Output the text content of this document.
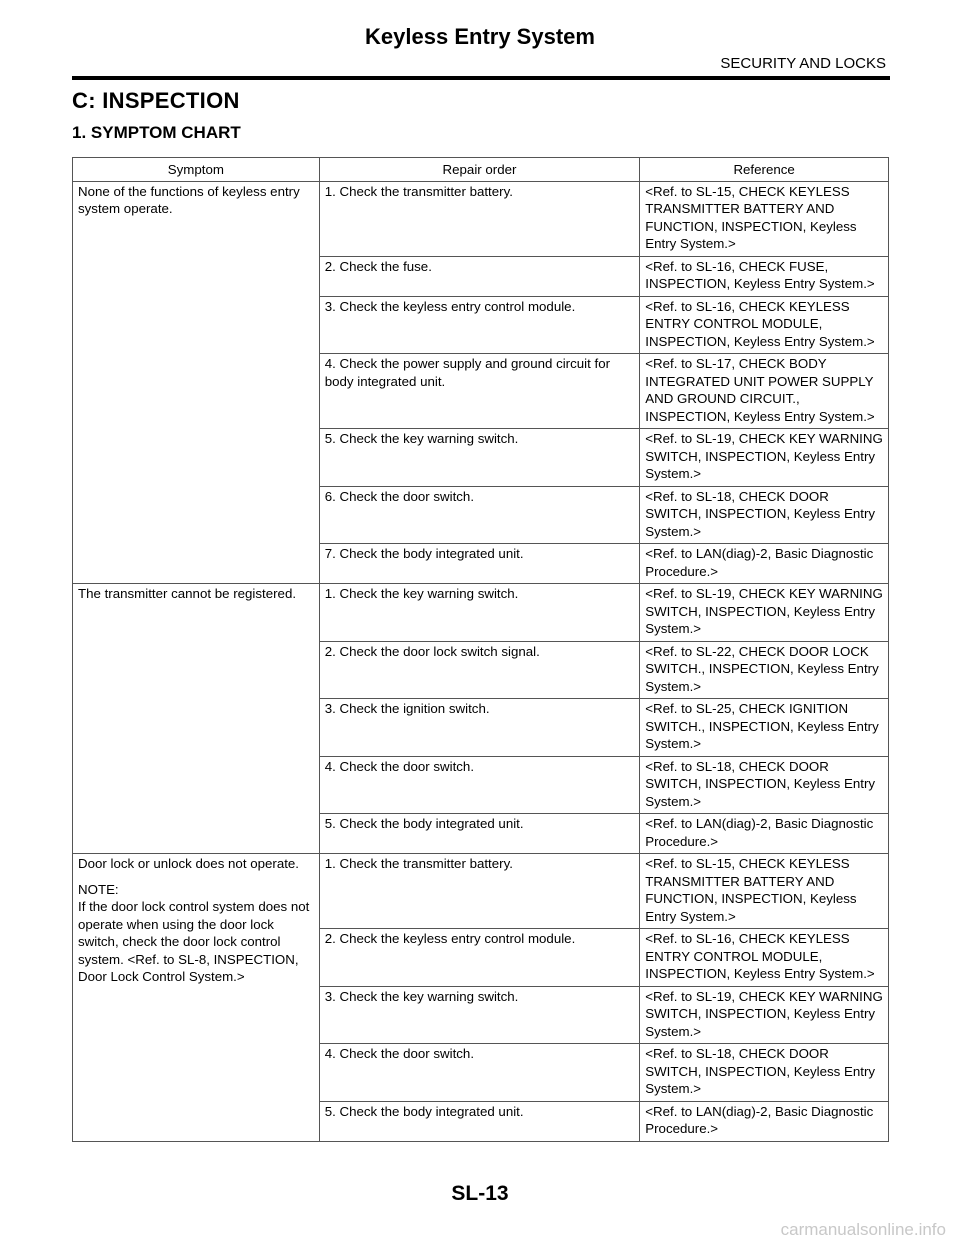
Keyless Entry System
SECURITY AND LOCKS
C: INSPECTION
1. SYMPTOM CHART
Symptom	Repair order	Reference

None of the functions of keyless entry system operate.	1. Check the transmitter battery.	<Ref. to SL-15, CHECK KEYLESS TRANSMITTER BATTERY AND FUNCTION, INSPECTION, Keyless Entry System.>
	2. Check the fuse.	<Ref. to SL-16, CHECK FUSE, INSPECTION, Keyless Entry System.>
	3. Check the keyless entry control module.	<Ref. to SL-16, CHECK KEYLESS ENTRY CONTROL MODULE, INSPECTION, Keyless Entry System.>
	4. Check the power supply and ground circuit for body integrated unit.	<Ref. to SL-17, CHECK BODY INTEGRATED UNIT POWER SUPPLY AND GROUND CIRCUIT., INSPECTION, Keyless Entry System.>
	5. Check the key warning switch.	<Ref. to SL-19, CHECK KEY WARNING SWITCH, INSPECTION, Keyless Entry System.>
	6. Check the door switch.	<Ref. to SL-18, CHECK DOOR SWITCH, INSPECTION, Keyless Entry System.>
	7. Check the body integrated unit.	<Ref. to LAN(diag)-2, Basic Diagnostic Procedure.>

The transmitter cannot be registered.	1. Check the key warning switch.	<Ref. to SL-19, CHECK KEY WARNING SWITCH, INSPECTION, Keyless Entry System.>
	2. Check the door lock switch signal.	<Ref. to SL-22, CHECK DOOR LOCK SWITCH., INSPECTION, Keyless Entry System.>
	3. Check the ignition switch.	<Ref. to SL-25, CHECK IGNITION SWITCH., INSPECTION, Keyless Entry System.>
	4. Check the door switch.	<Ref. to SL-18, CHECK DOOR SWITCH, INSPECTION, Keyless Entry System.>
	5. Check the body integrated unit.	<Ref. to LAN(diag)-2, Basic Diagnostic Procedure.>

Door lock or unlock does not operate.
NOTE:
If the door lock control system does not operate when using the door lock switch, check the door lock control system. <Ref. to SL-8, INSPECTION, Door Lock Control System.>	1. Check the transmitter battery.	<Ref. to SL-15, CHECK KEYLESS TRANSMITTER BATTERY AND FUNCTION, INSPECTION, Keyless Entry System.>
	2. Check the keyless entry control module.	<Ref. to SL-16, CHECK KEYLESS ENTRY CONTROL MODULE, INSPECTION, Keyless Entry System.>
	3. Check the key warning switch.	<Ref. to SL-19, CHECK KEY WARNING SWITCH, INSPECTION, Keyless Entry System.>
	4. Check the door switch.	<Ref. to SL-18, CHECK DOOR SWITCH, INSPECTION, Keyless Entry System.>
	5. Check the body integrated unit.	<Ref. to LAN(diag)-2, Basic Diagnostic Procedure.>
SL-13
carmanualsonline.info
